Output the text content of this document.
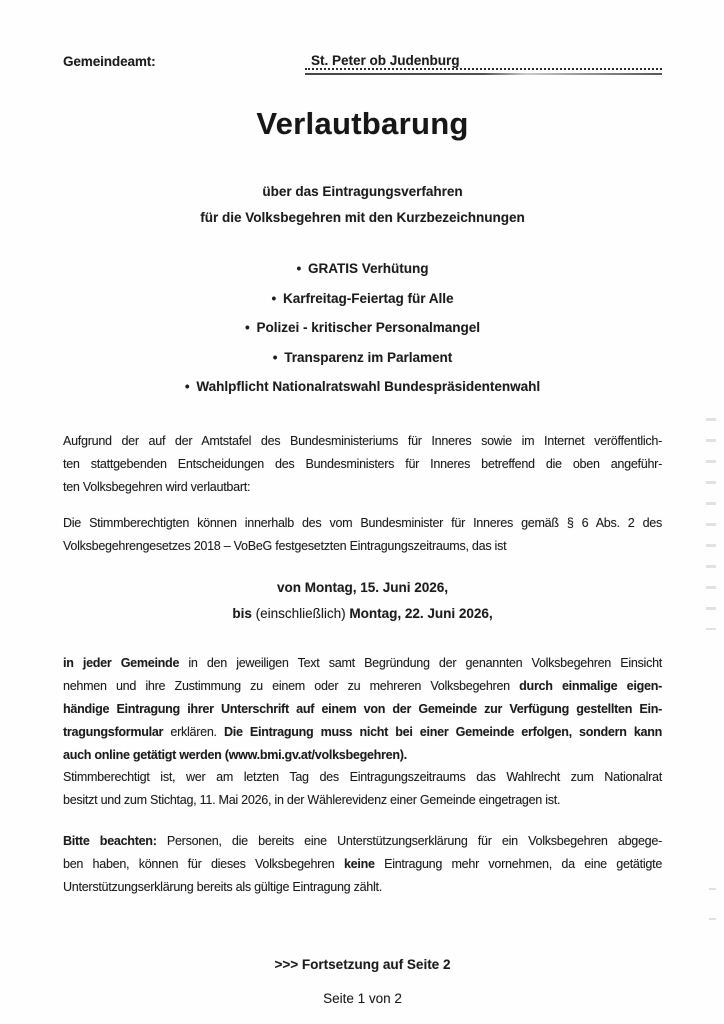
Gemeindeamt:	St. Peter ob Judenburg
Verlautbarung
über das Eintragungsverfahren
für die Volksbegehren mit den Kurzbezeichnungen
• GRATIS Verhütung
• Karfreitag-Feiertag für Alle
• Polizei - kritischer Personalmangel
• Transparenz im Parlament
• Wahlpflicht Nationalratswahl Bundespräsidentenwahl
Aufgrund der auf der Amtstafel des Bundesministeriums für Inneres sowie im Internet veröffentlich-
ten stattgebenden Entscheidungen des Bundesministers für Inneres betreffend die oben angeführ-
ten Volksbegehren wird verlautbart:
Die Stimmberechtigten können innerhalb des vom Bundesminister für Inneres gemäß § 6 Abs. 2 des
Volksbegehrengesetzes 2018 – VoBeG festgesetzten Eintragungszeitraums, das ist
von Montag, 15. Juni 2026,
bis (einschließlich) Montag, 22. Juni 2026,
in jeder Gemeinde in den jeweiligen Text samt Begründung der genannten Volksbegehren Einsicht
nehmen und ihre Zustimmung zu einem oder zu mehreren Volksbegehren durch einmalige eigen-
händige Eintragung ihrer Unterschrift auf einem von der Gemeinde zur Verfügung gestellten Ein-
tragungsformular erklären. Die Eintragung muss nicht bei einer Gemeinde erfolgen, sondern kann
auch online getätigt werden (www.bmi.gv.at/volksbegehren).
Stimmberechtigt ist, wer am letzten Tag des Eintragungszeitraums das Wahlrecht zum Nationalrat
besitzt und zum Stichtag, 11. Mai 2026, in der Wählerevidenz einer Gemeinde eingetragen ist.
Bitte beachten: Personen, die bereits eine Unterstützungserklärung für ein Volksbegehren abgege-
ben haben, können für dieses Volksbegehren keine Eintragung mehr vornehmen, da eine getätigte
Unterstützungserklärung bereits als gültige Eintragung zählt.
>>> Fortsetzung auf Seite 2
Seite 1 von 2
